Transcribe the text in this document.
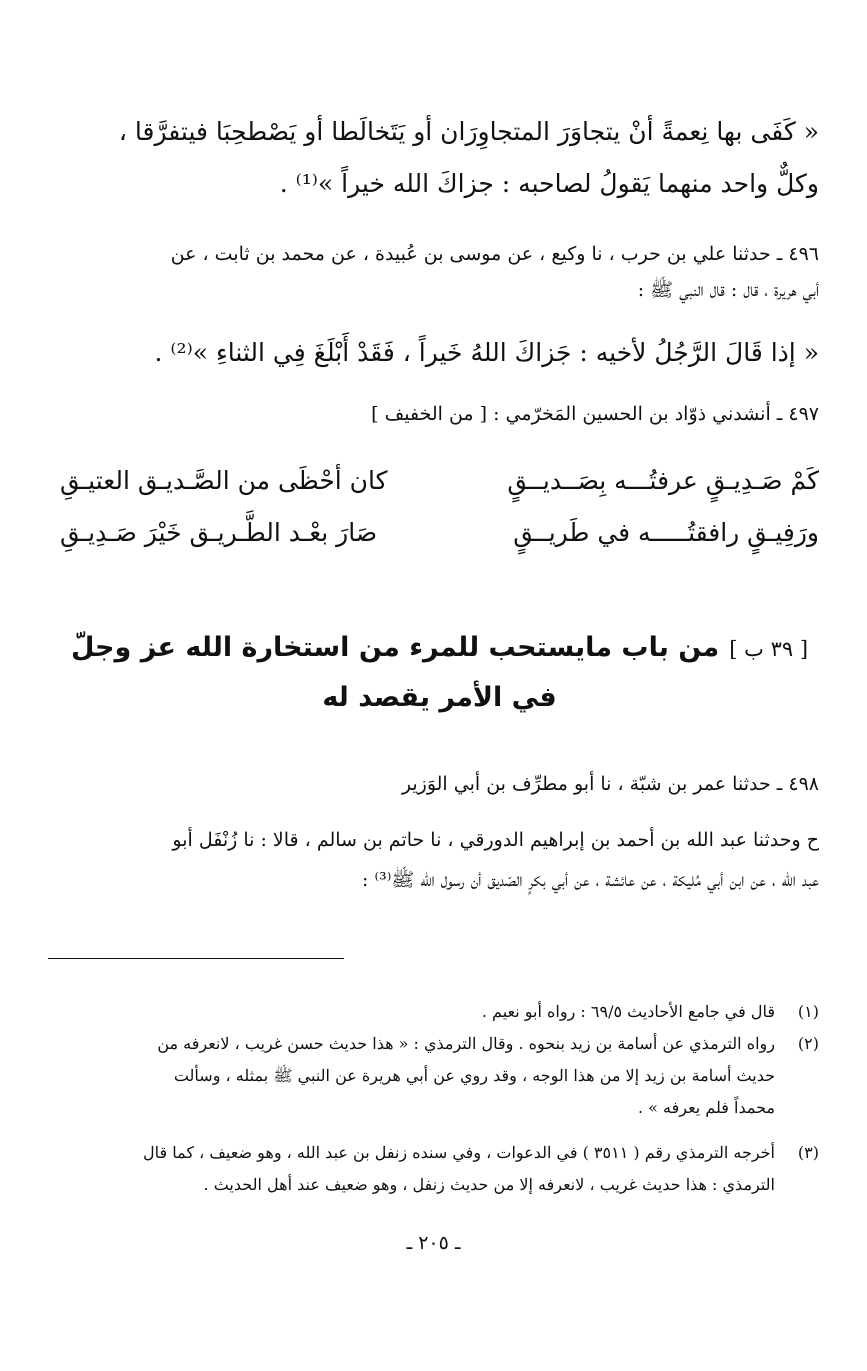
« كَفَى بها نِعمةً أنْ يتجاوَرَ المتجاوِرَان أو يَتَخالَطا أو يَصْطحِبَا فيتفرَّقا ،
وكلٌّ واحد منهما يَقولُ لصاحبه : جزاكَ الله خيراً »⁽¹⁾ .
٤٩٦ ـ حدثنا علي بن حرب ، نا وكيع ، عن موسى بن عُبيدة ، عن محمد بن ثابت ، عن
أبي هريرة ، قال : قال النبي ﷺ :
« إذا قَالَ الرَّجُلُ لأخيه : جَزاكَ اللهُ خَيراً ، فَقَدْ أَبْلَغَ فِي الثناءِ »⁽²⁾ .
٤٩٧ ـ أنشدني ذوّاد بن الحسين المَخرّمي : [ من الخفيف ]
كَمْ صَـدِيـقٍ عرفتُـــه بِصَــديــقٍ
كان أحْظَى من الصَّـديـق العتيـقِ
ورَفِيـقٍ رافقتُـــــه في طَريــقٍ
صَارَ بعْـد الطَّـريـق خَيْرَ صَـدِيـقِ
[ ٣٩ ب ]من باب مايستحب للمرء من استخارة الله عز وجلّ
في الأمر يقصد له
٤٩٨ ـ حدثنا عمر بن شبّة ، نا أبو مطرِّف بن أبي الوَزير
ح وحدثنا عبد الله بن أحمد بن إبراهيم الدورقي ، نا حاتم بن سالم ، قالا : نا زُنْفَل أبو
عبد الله ، عن ابن أبي مُليكة ، عن عائشة ، عن أبي بكرٍ الصّديق أن رسول الله ﷺ⁽³⁾ :
(١)
قال في جامع الأحاديث ٦٩/٥ : رواه أبو نعيم .
(٢)
رواه الترمذي عن أسامة بن زيد بنحوه . وقال الترمذي : « هذا حديث حسن غريب ، لانعرفه من
حديث أسامة بن زيد إلا من هذا الوجه ، وقد روي عن أبي هريرة عن النبي ﷺ بمثله ، وسألت
محمداً فلم يعرفه » .
(٣)
أخرجه الترمذي رقم ( ٣٥١١ ) في الدعوات ، وفي سنده زنفل بن عبد الله ، وهو ضعيف ، كما قال
الترمذي : هذا حديث غريب ، لانعرفه إلا من حديث زنفل ، وهو ضعيف عند أهل الحديث .
ـ ٢٠٥ ـ
